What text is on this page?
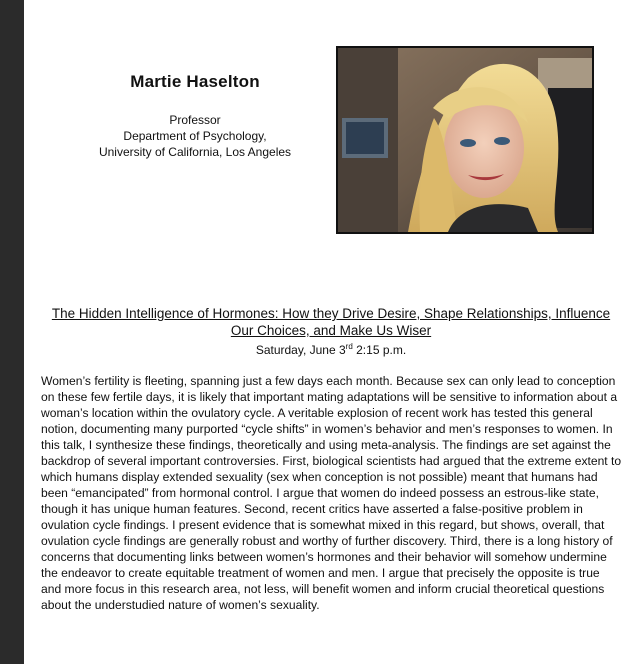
Martie Haselton
Professor
Department of Psychology,
University of California, Los Angeles
The Hidden Intelligence of Hormones: How they Drive Desire, Shape Relationships, Influence Our Choices, and Make Us Wiser
Saturday, June 3rd 2:15 p.m.
Women’s fertility is fleeting, spanning just a few days each month. Because sex can only lead to conception on these few fertile days, it is likely that important mating adaptations will be sensitive to information about a woman’s location within the ovulatory cycle. A veritable explosion of recent work has tested this general notion, documenting many purported “cycle shifts” in women’s behavior and men’s responses to women. In this talk, I synthesize these findings, theoretically and using meta-analysis. The findings are set against the backdrop of several important controversies. First, biological scientists had argued that the extreme extent to which humans display extended sexuality (sex when conception is not possible) meant that humans had been “emancipated” from hormonal control. I argue that women do indeed possess an estrous-like state, though it has unique human features. Second, recent critics have asserted a false-positive problem in ovulation cycle findings. I present evidence that is somewhat mixed in this regard, but shows, overall, that ovulation cycle findings are generally robust and worthy of further discovery. Third, there is a long history of concerns that documenting links between women’s hormones and their behavior will somehow undermine the endeavor to create equitable treatment of women and men. I argue that precisely the opposite is true and more focus in this research area, not less, will benefit women and inform crucial theoretical questions about the understudied nature of women’s sexuality.
